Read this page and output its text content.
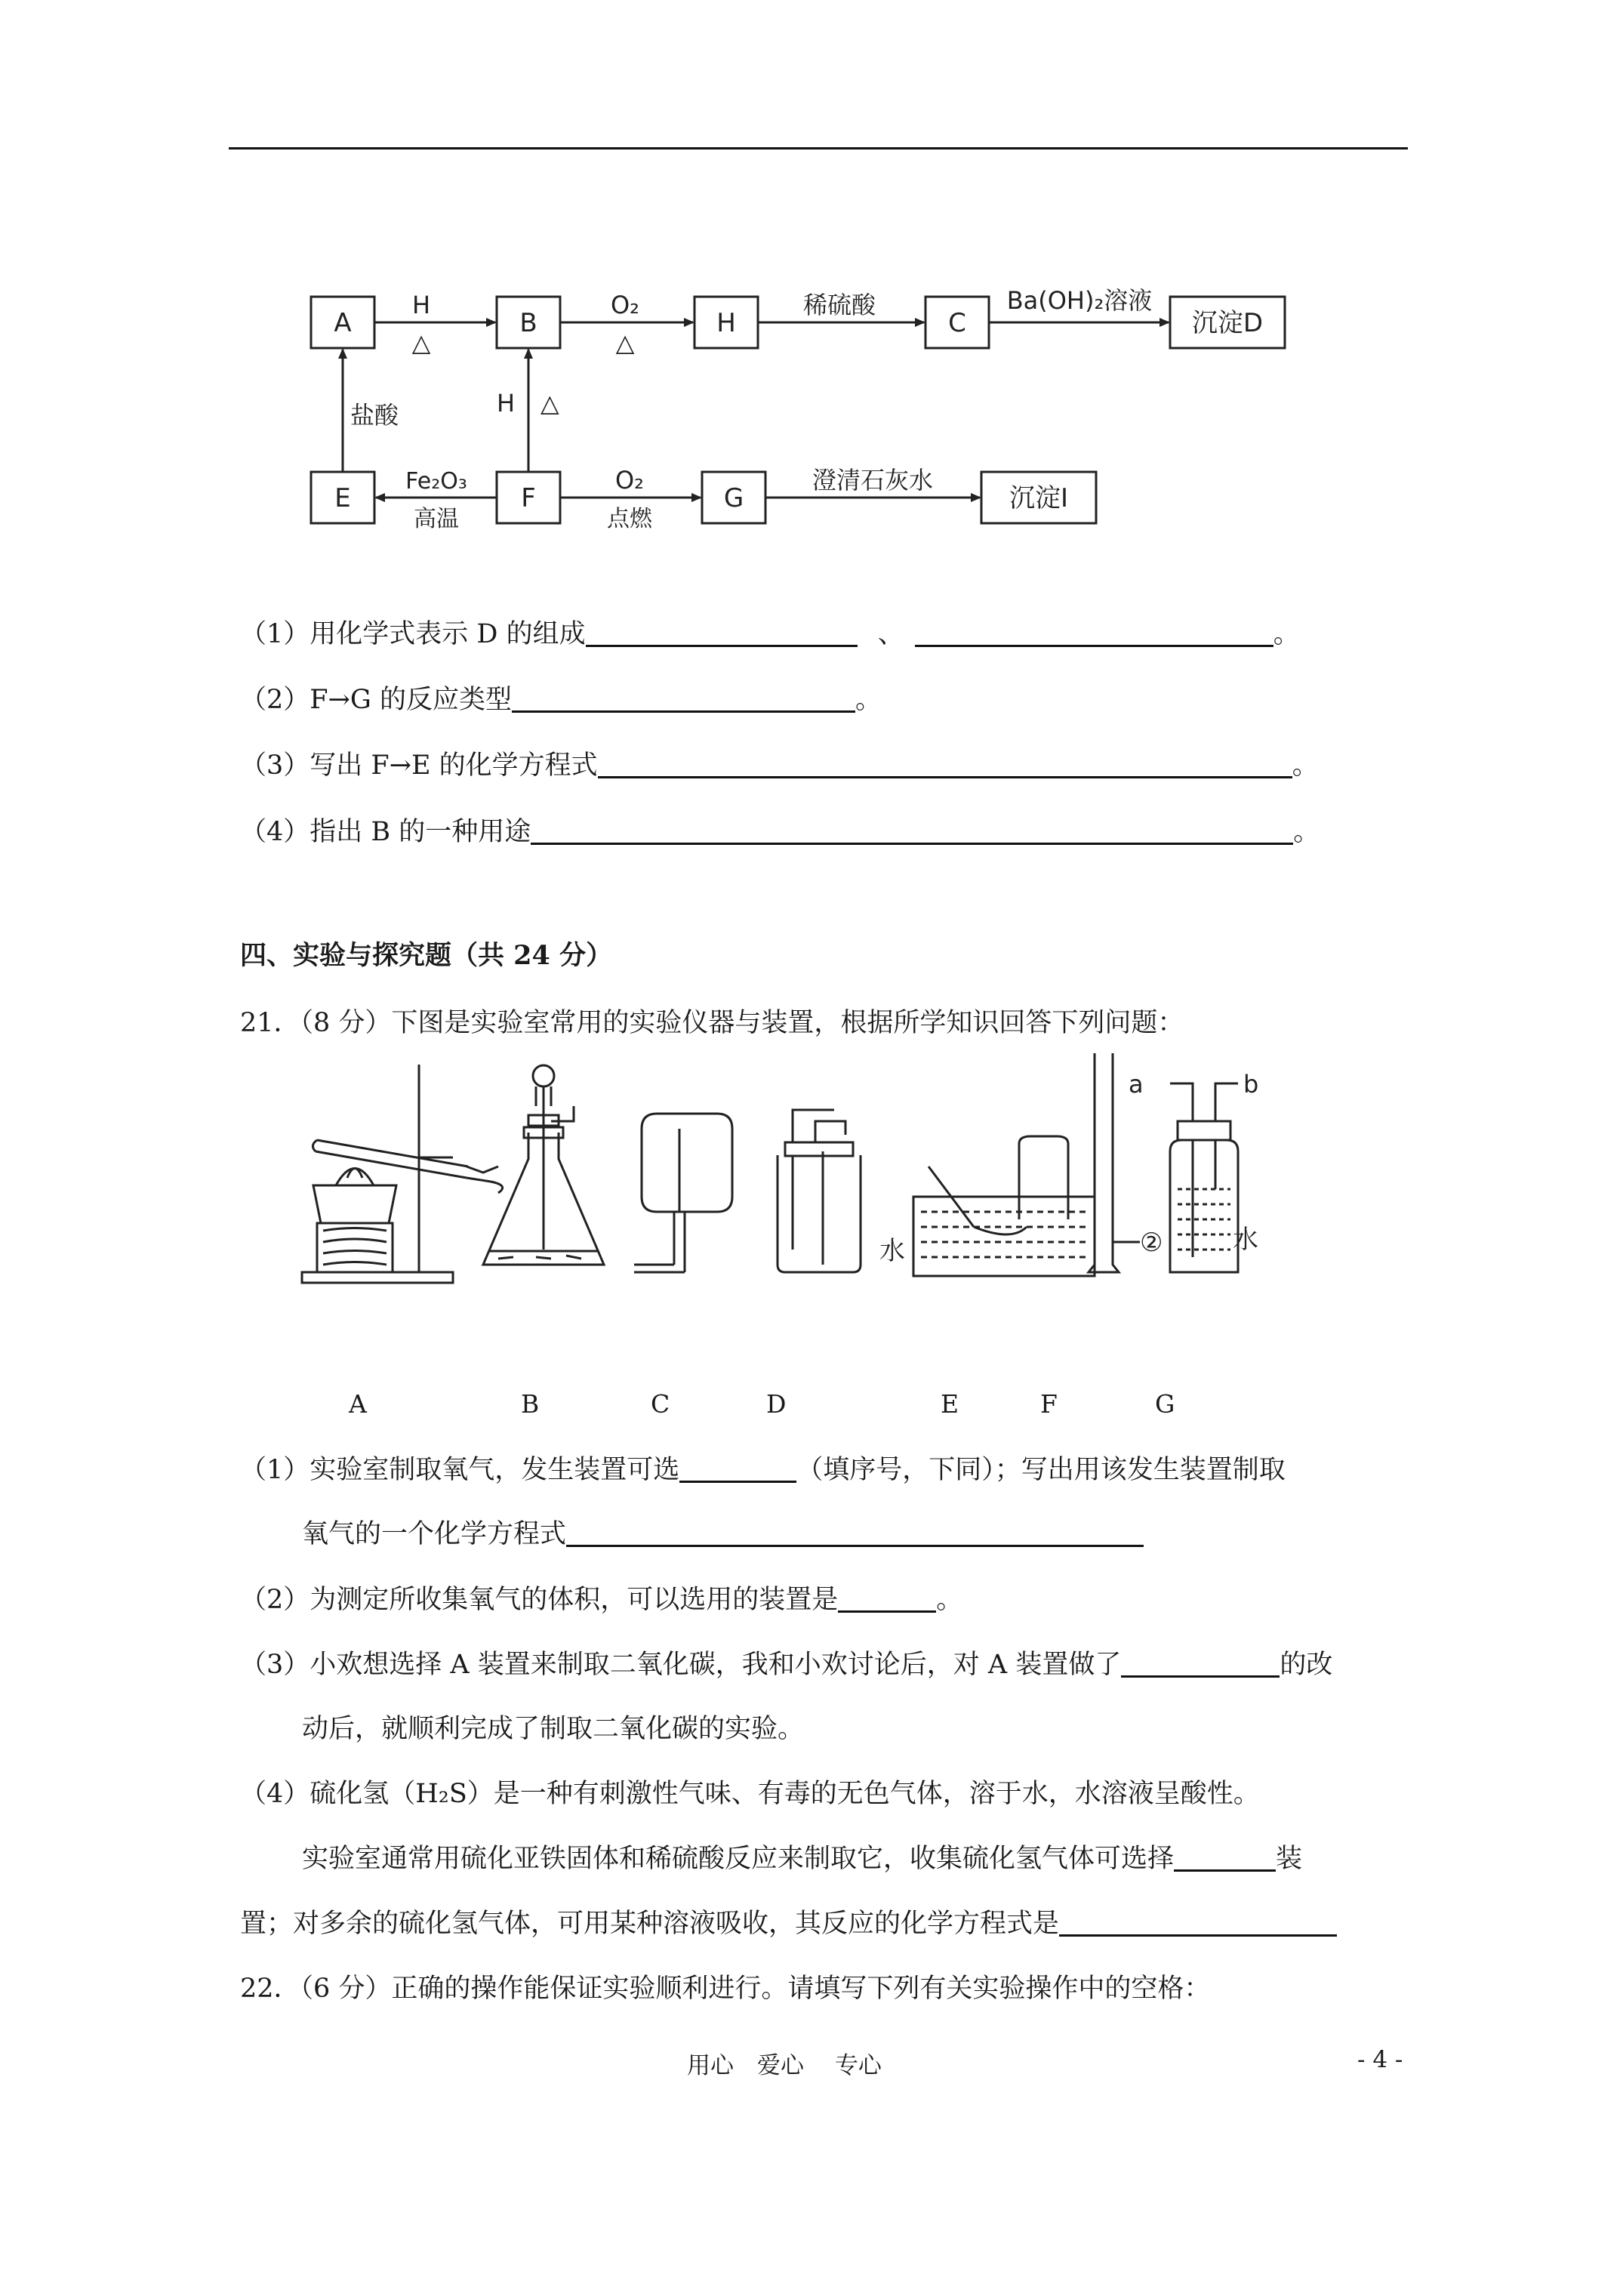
A	B	H	C	沉淀D
E	F	G	沉淀I
H
△
O₂
△
稀硫酸	Ba(OH)₂溶液
盐酸	H △
Fe₂O₃
高温
O₂
点燃
澄清石灰水
（1）用化学式表示 D 的组成	、	。
（2）F→G 的反应类型	。
（3）写出 F→E 的化学方程式	。
（4）指出 B 的一种用途	。
四、实验与探究题（共 24 分）
21．（8 分）下图是实验室常用的实验仪器与装置，根据所学知识回答下列问题：
水	②
a	b
水
A	B	C	D	E	F	G
（1）实验室制取氧气，发生装置可选	（填序号，下同）；写出用该发生装置制取
氧气的一个化学方程式
（2）为测定所收集氧气的体积，可以选用的装置是	。
（3）小欢想选择 A 装置来制取二氧化碳，我和小欢讨论后，对 A 装置做了	的改
动后，就顺利完成了制取二氧化碳的实验。
（4）硫化氢（H₂S）是一种有刺激性气味、有毒的无色气体，溶于水，水溶液呈酸性。
实验室通常用硫化亚铁固体和稀硫酸反应来制取它，收集硫化氢气体可选择	装
置；对多余的硫化氢气体，可用某种溶液吸收，其反应的化学方程式是
22．（6 分）正确的操作能保证实验顺利进行。请填写下列有关实验操作中的空格：
用心　爱心　 专心	- 4 -
